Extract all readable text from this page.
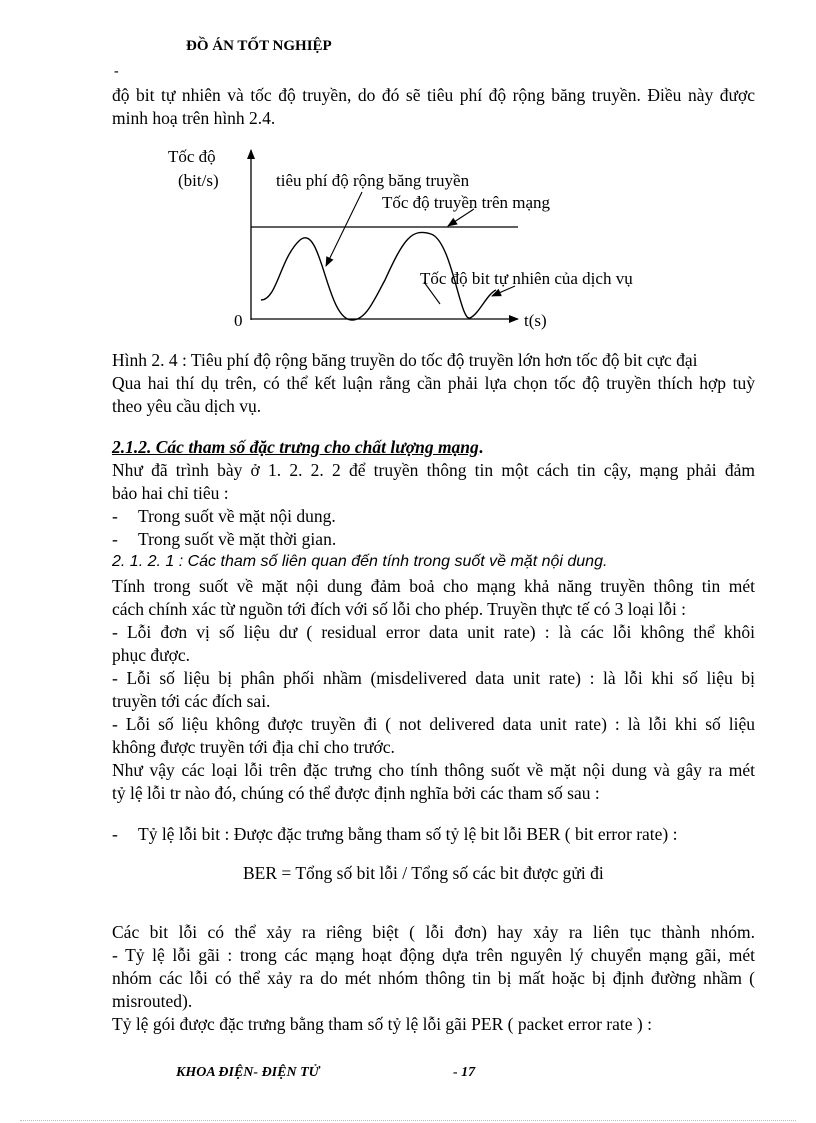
ĐỒ ÁN TỐT NGHIỆP
-
độ bit tự nhiên và tốc độ truyền, do đó sẽ tiêu phí độ rộng băng truyền. Điều này được
minh hoạ trên hình 2.4.
Tốc độ
(bit/s)
0	t(s)
tiêu phí độ rộng băng truyền
Tốc độ truyền trên mạng
Tốc độ bit tự nhiên của dịch vụ
Hình 2. 4 : Tiêu phí độ rộng băng truyền do tốc độ truyền lớn hơn tốc độ bit cực đại
Qua hai thí dụ trên, có thể kết luận rằng cần phải lựa chọn tốc độ truyền thích hợp tuỳ
theo yêu cầu dịch vụ.
2.1.2. Các tham số đặc trưng cho chất lượng mạng.
Như đã trình bày ở 1. 2. 2. 2 để truyền thông tin một cách tin cậy, mạng phải đảm
bảo hai chỉ tiêu :
- Trong suốt về mặt nội dung.
- Trong suốt về mặt thời gian.
2. 1. 2. 1 : Các tham số liên quan đến tính trong suốt về mặt nội dung.
Tính trong suốt về mặt nội dung đảm boả cho mạng khả năng truyền thông tin mét
cách chính xác từ nguồn tới đích với số lỗi cho phép. Truyền thực tế có 3 loại lỗi :
- Lỗi đơn vị số liệu dư ( residual error data unit rate) : là các lỗi không thể khôi
phục được.
- Lỗi số liệu bị phân phối nhầm (misdelivered data unit rate) : là lỗi khi số liệu bị
truyền tới các đích sai.
- Lỗi số liệu không được truyền đi ( not delivered data unit rate) : là lỗi khi số liệu
không được truyền tới địa chỉ cho trước.
Như vậy các loại lỗi trên đặc trưng cho tính thông suốt về mặt nội dung và gây ra mét
tỷ lệ lỗi tr nào đó, chúng có thể được định nghĩa bởi các tham số sau :
- Tỷ lệ lỗi bit : Được đặc trưng bằng tham số tỷ lệ bit lỗi BER ( bit error rate) :
BER = Tổng số bit lỗi / Tổng số các bit được gửi đi
Các bit lỗi có thể xảy ra riêng biệt ( lỗi đơn) hay xảy ra liên tục thành nhóm.
- Tỷ lệ lỗi gãi : trong các mạng hoạt động dựa trên nguyên lý chuyển mạng gãi, mét
nhóm các lỗi có thể xảy ra do mét nhóm thông tin bị mất hoặc bị định đường nhầm (
misrouted).
Tỷ lệ gói được đặc trưng bằng tham số tỷ lệ lỗi gãi PER ( packet error rate ) :
KHOA ĐIỆN- ĐIỆN TỬ	- 17
